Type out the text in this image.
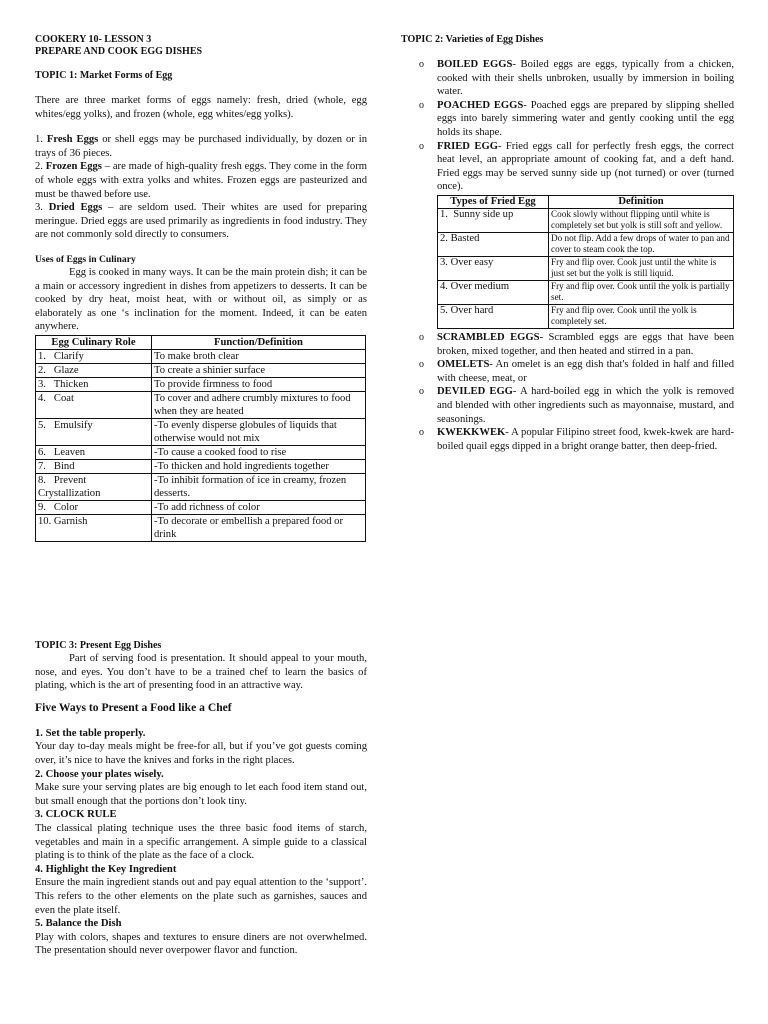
COOKERY 10- LESSON 3
PREPARE AND COOK EGG DISHES
TOPIC 1: Market Forms of Egg

There are three market forms of eggs namely: fresh, dried (whole, egg whites/egg yolks), and frozen (whole, egg whites/egg yolks).

1. Fresh Eggs or shell eggs may be purchased individually, by dozen or in trays of 36 pieces.

2. Frozen Eggs – are made of high-quality fresh eggs. They come in the form of whole eggs with extra yolks and whites. Frozen eggs are pasteurized and must be thawed before use.

3. Dried Eggs – are seldom used. Their whites are used for preparing meringue. Dried eggs are used primarily as ingredients in food industry. They are not commonly sold directly to consumers.

Uses of Eggs in Culinary

Egg is cooked in many ways. It can be the main protein dish; it can be a main or accessory ingredient in dishes from appetizers to desserts. It can be cooked by dry heat, moist heat, with or without oil, as simply or as elaborately as one ‘s inclination for the moment. Indeed, it can be eaten anywhere.

Egg Culinary Role	Function/Definition
1.   Clarify	To make broth clear
2.   Glaze	To create a shinier surface
3.   Thicken	To provide firmness to food
4.   Coat	To cover and adhere crumbly mixtures to food when they are heated
5.   Emulsify	-To evenly disperse globules of liquids that otherwise would not mix
6.   Leaven	-To cause a cooked food to rise
7.   Bind	-To thicken and hold ingredients together
8.   Prevent Crystallization	-To inhibit formation of ice in creamy, frozen desserts.
9.   Color	-To add richness of color
10. Garnish	-To decorate or embellish a prepared food or drink
TOPIC 2: Varieties of Egg Dishes
o BOILED EGGS- Boiled eggs are eggs, typically from a chicken, cooked with their shells unbroken, usually by immersion in boiling water.
o POACHED EGGS- Poached eggs are prepared by slipping shelled eggs into barely simmering water and gently cooking until the egg holds its shape.
o FRIED EGG- Fried eggs call for perfectly fresh eggs, the correct heat level, an appropriate amount of cooking fat, and a deft hand. Fried eggs may be served sunny side up (not turned) or over (turned once).
Types of Fried Egg	Definition
1.  Sunny side up	Cook slowly without flipping until white is completely set but yolk is still soft and yellow.
2. Basted	Do not flip. Add a few drops of water to pan and cover to steam cook the top.
3. Over easy	Fry and flip over. Cook just until the white is just set but the yolk is still liquid.
4. Over medium	Fry and flip over. Cook until the yolk is partially set.
5. Over hard	Fry and flip over. Cook until the yolk is completely set.
o SCRAMBLED EGGS- Scrambled eggs are eggs that have been broken, mixed together, and then heated and stirred in a pan.
o OMELETS- An omelet is an egg dish that's folded in half and filled with cheese, meat, or
o DEVILED EGG- A hard-boiled egg in which the yolk is removed and blended with other ingredients such as mayonnaise, mustard, and seasonings.
o KWEKKWEK- A popular Filipino street food, kwek-kwek are hard-boiled quail eggs dipped in a bright orange batter, then deep-fried.
TOPIC 3: Present Egg Dishes

Part of serving food is presentation. It should appeal to your mouth, nose, and eyes. You don’t have to be a trained chef to learn the basics of plating, which is the art of presenting food in an attractive way.

Five Ways to Present a Food like a Chef
1. Set the table properly.

Your day to-day meals might be free-for all, but if you’ve got guests coming over, it’s nice to have the knives and forks in the right places.

2. Choose your plates wisely.

Make sure your serving plates are big enough to let each food item stand out, but small enough that the portions don’t look tiny.

3. CLOCK RULE

The classical plating technique uses the three basic food items of starch, vegetables and main in a specific arrangement. A simple guide to a classical plating is to think of the plate as the face of a clock.

4. Highlight the Key Ingredient

Ensure the main ingredient stands out and pay equal attention to the ‘support’. This refers to the other elements on the plate such as garnishes, sauces and even the plate itself.

5. Balance the Dish

Play with colors, shapes and textures to ensure diners are not overwhelmed. The presentation should never overpower flavor and function.
